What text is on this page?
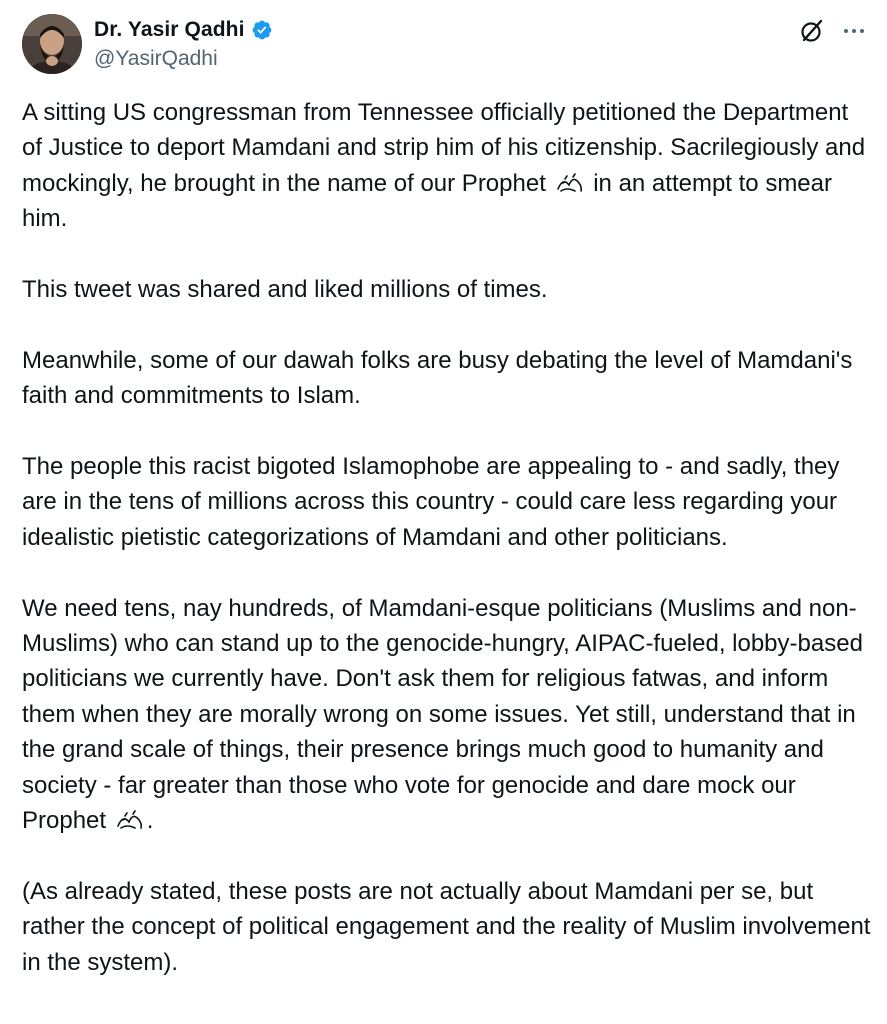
Dr. Yasir Qadhi
@YasirQadhi

A sitting US congressman from Tennessee officially petitioned the Department of Justice to deport Mamdani and strip him of his citizenship. Sacrilegiously and mockingly, he brought in the name of our Prophet
in an attempt to smear him.

This tweet was shared and liked millions of times.

Meanwhile, some of our dawah folks are busy debating the level of Mamdani's faith and commitments to Islam.

The people this racist bigoted Islamophobe are appealing to - and sadly, they are in the tens of millions across this country - could care less regarding your idealistic pietistic categorizations of Mamdani and other politicians.

We need tens, nay hundreds, of Mamdani-esque politicians (Muslims and non-Muslims) who can stand up to the genocide-hungry, AIPAC-fueled, lobby-based politicians we currently have. Don't ask them for religious fatwas, and inform them when they are morally wrong on some issues. Yet still, understand that in the grand scale of things, their presence brings much good to humanity and society - far greater than those who vote for genocide and dare mock our Prophet .

(As already stated, these posts are not actually about Mamdani per se, but rather the concept of political engagement and the reality of Muslim involvement in the system).
